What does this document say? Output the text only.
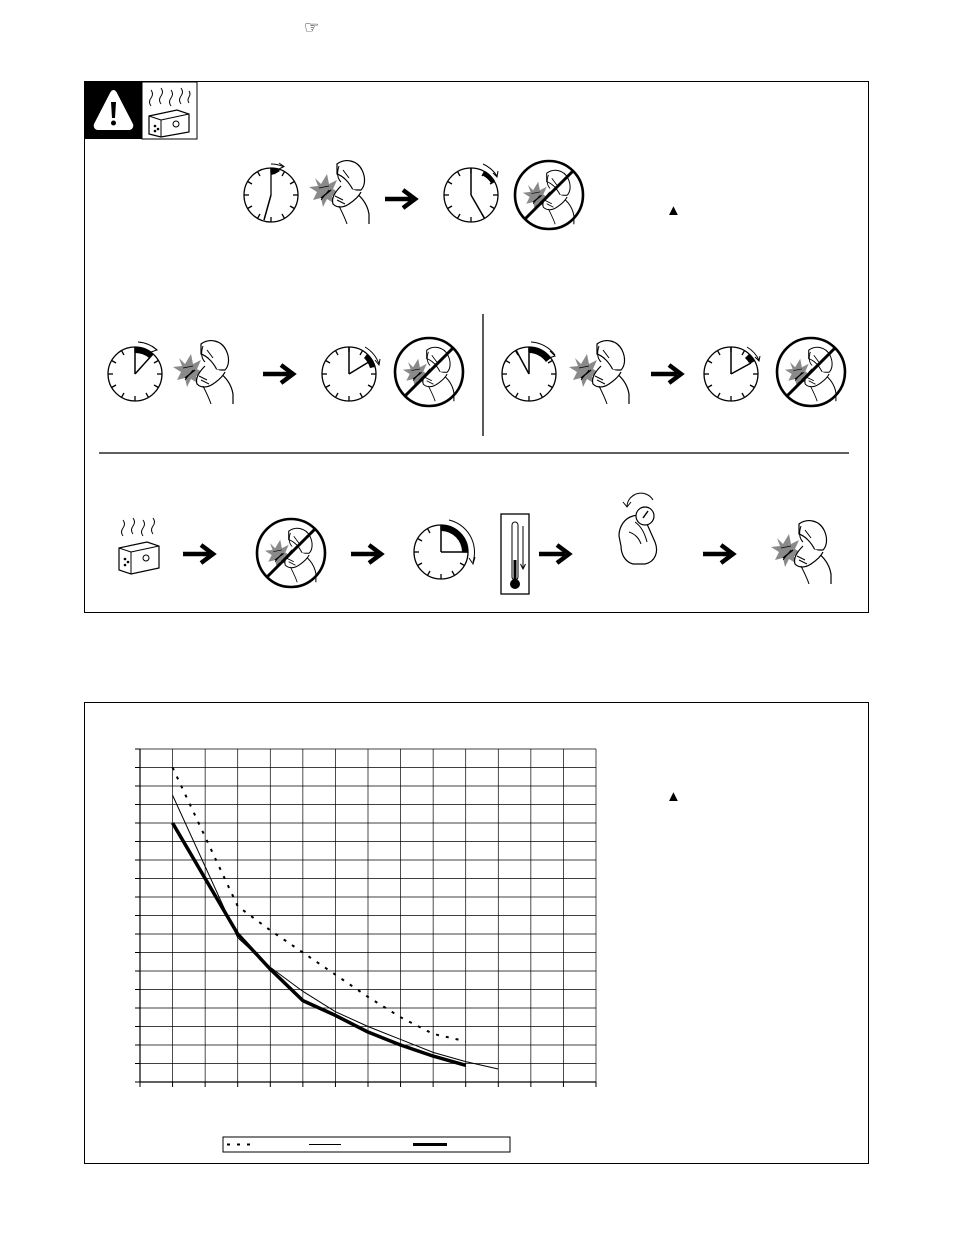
☞
▲
▲
